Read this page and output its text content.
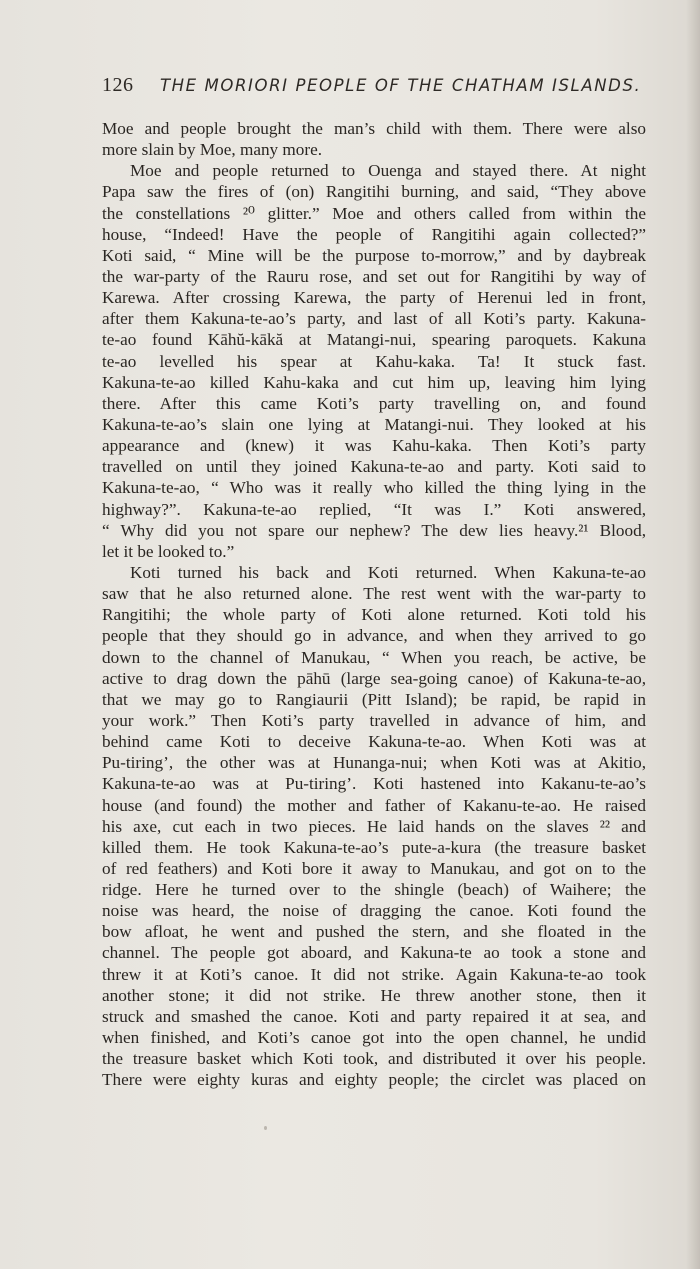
126 THE MORIORI PEOPLE OF THE CHATHAM ISLANDS.
Moe and people brought the man’s child with them. There were also
more slain by Moe, many more.
Moe and people returned to Ouenga and stayed there. At night
Papa saw the fires of (on) Rangitihi burning, and said, “They above
the constellations ²⁰ glitter.” Moe and others called from within the
house, “Indeed! Have the people of Rangitihi again collected?”
Koti said, “ Mine will be the purpose to-morrow,” and by daybreak
the war-party of the Rauru rose, and set out for Rangitihi by way of
Karewa. After crossing Karewa, the party of Herenui led in front,
after them Kakuna-te-ao’s party, and last of all Koti’s party. Kakuna-
te-ao found Kāhŭ-kākă at Matangi-nui, spearing paroquets. Kakuna
te-ao levelled his spear at Kahu-kaka. Ta! It stuck fast.
Kakuna-te-ao killed Kahu-kaka and cut him up, leaving him lying
there. After this came Koti’s party travelling on, and found
Kakuna-te-ao’s slain one lying at Matangi-nui. They looked at his
appearance and (knew) it was Kahu-kaka. Then Koti’s party
travelled on until they joined Kakuna-te-ao and party. Koti said to
Kakuna-te-ao, “ Who was it really who killed the thing lying in the
highway?”. Kakuna-te-ao replied, “It was I.” Koti answered,
“ Why did you not spare our nephew? The dew lies heavy.²¹ Blood,
let it be looked to.”
Koti turned his back and Koti returned. When Kakuna-te-ao
saw that he also returned alone. The rest went with the war-party to
Rangitihi; the whole party of Koti alone returned. Koti told his
people that they should go in advance, and when they arrived to go
down to the channel of Manukau, “ When you reach, be active, be
active to drag down the pāhū (large sea-going canoe) of Kakuna-te-ao,
that we may go to Rangiaurii (Pitt Island); be rapid, be rapid in
your work.” Then Koti’s party travelled in advance of him, and
behind came Koti to deceive Kakuna-te-ao. When Koti was at
Pu-tiring’, the other was at Hunanga-nui; when Koti was at Akitio,
Kakuna-te-ao was at Pu-tiring’. Koti hastened into Kakanu-te-ao’s
house (and found) the mother and father of Kakanu-te-ao. He raised
his axe, cut each in two pieces. He laid hands on the slaves ²² and
killed them. He took Kakuna-te-ao’s pute-a-kura (the treasure basket
of red feathers) and Koti bore it away to Manukau, and got on to the
ridge. Here he turned over to the shingle (beach) of Waihere; the
noise was heard, the noise of dragging the canoe. Koti found the
bow afloat, he went and pushed the stern, and she floated in the
channel. The people got aboard, and Kakuna-te ao took a stone and
threw it at Koti’s canoe. It did not strike. Again Kakuna-te-ao took
another stone; it did not strike. He threw another stone, then it
struck and smashed the canoe. Koti and party repaired it at sea, and
when finished, and Koti’s canoe got into the open channel, he undid
the treasure basket which Koti took, and distributed it over his people.
There were eighty kuras and eighty people; the circlet was placed on
